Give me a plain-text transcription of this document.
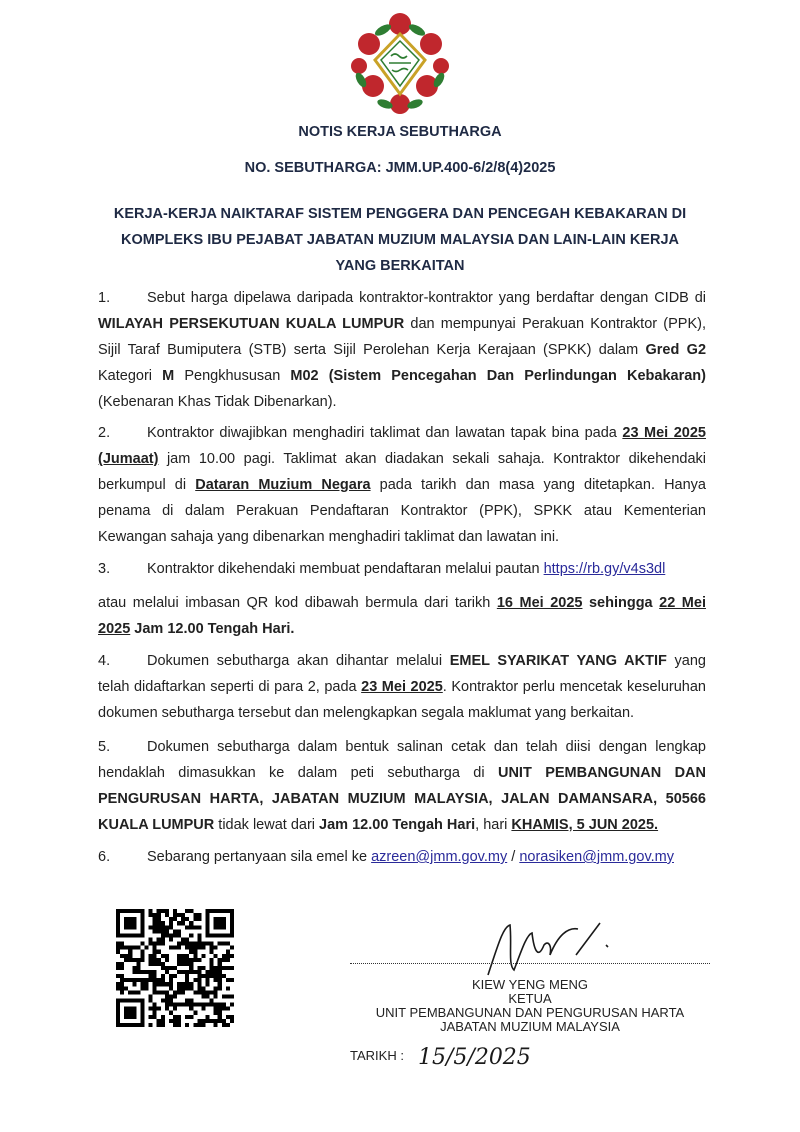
NOTIS KERJA SEBUTHARGA
NO. SEBUTHARGA: JMM.UP.400-6/2/8(4)2025
KERJA-KERJA NAIKTARAF SISTEM PENGGERA DAN PENCEGAH KEBAKARAN DI
KOMPLEKS IBU PEJABAT JABATAN MUZIUM MALAYSIA DAN LAIN-LAIN KERJA
YANG BERKAITAN
1.	Sebut harga dipelawa daripada kontraktor-kontraktor yang berdaftar dengan CIDB di WILAYAH PERSEKUTUAN KUALA LUMPUR dan mempunyai Perakuan Kontraktor (PPK), Sijil Taraf Bumiputera (STB) serta Sijil Perolehan Kerja Kerajaan (SPKK) dalam Gred G2 Kategori M Pengkhususan M02 (Sistem Pencegahan Dan Perlindungan Kebakaran) (Kebenaran Khas Tidak Dibenarkan).
2.	Kontraktor diwajibkan menghadiri taklimat dan lawatan tapak bina pada 23 Mei 2025 (Jumaat) jam 10.00 pagi. Taklimat akan diadakan sekali sahaja. Kontraktor dikehendaki berkumpul di Dataran Muzium Negara pada tarikh dan masa yang ditetapkan. Hanya penama di dalam Perakuan Pendaftaran Kontraktor (PPK), SPKK atau Kementerian Kewangan sahaja yang dibenarkan menghadiri taklimat dan lawatan ini.
3.	Kontraktor dikehendaki membuat pendaftaran melalui pautan https://rb.gy/v4s3dl
atau melalui imbasan QR kod dibawah bermula dari tarikh 16 Mei 2025 sehingga 22 Mei 2025 Jam 12.00 Tengah Hari.
4.	Dokumen sebutharga akan dihantar melalui EMEL SYARIKAT YANG AKTIF yang telah didaftarkan seperti di para 2, pada 23 Mei 2025. Kontraktor perlu mencetak keseluruhan dokumen sebutharga tersebut dan melengkapkan segala maklumat yang berkaitan.
5.	Dokumen sebutharga dalam bentuk salinan cetak dan telah diisi dengan lengkap hendaklah dimasukkan ke dalam peti sebutharga di UNIT PEMBANGUNAN DAN PENGURUSAN HARTA, JABATAN MUZIUM MALAYSIA, JALAN DAMANSARA, 50566 KUALA LUMPUR tidak lewat dari Jam 12.00 Tengah Hari, hari KHAMIS, 5 JUN 2025.
6.	Sebarang pertanyaan sila emel ke azreen@jmm.gov.my / norasiken@jmm.gov.my
KIEW YENG MENG
KETUA
UNIT PEMBANGUNAN DAN PENGURUSAN HARTA
JABATAN MUZIUM MALAYSIA
TARIKH : 15/5/2025
